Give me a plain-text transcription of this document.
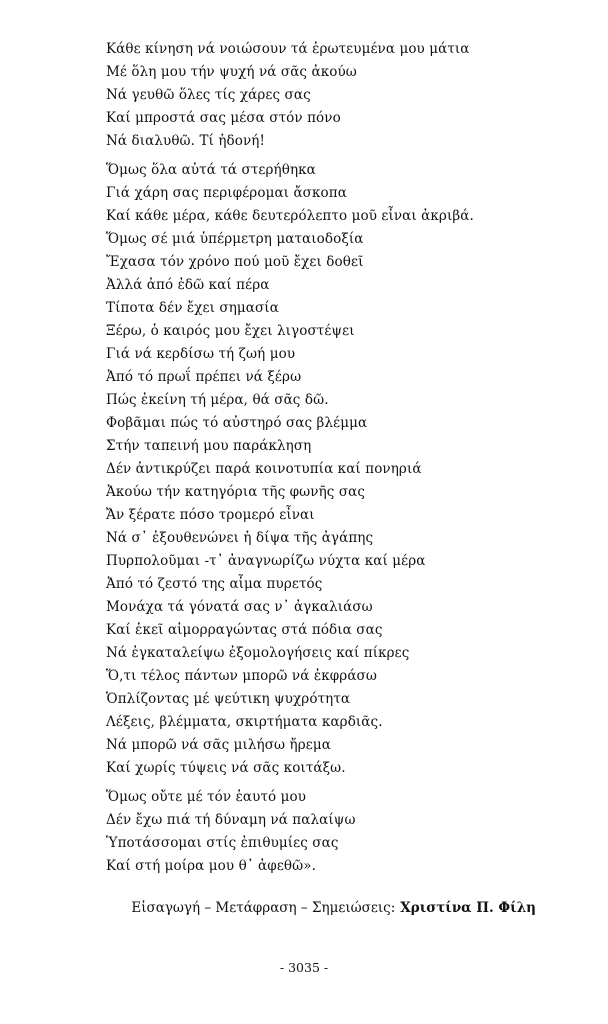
Κάθε κίνηση νά νοιώσουν τά ἐρωτευμένα μου μάτια
Μέ ὅλη μου τήν ψυχή νά σᾶς ἀκούω
Νά γευθῶ ὅλες τίς χάρες σας
Καί μπροστά σας μέσα στόν πόνο
Νά διαλυθῶ. Τί ἡδονή!
Ὅμως ὅλα αὐτά τά στερήθηκα
Γιά χάρη σας περιφέρομαι ἄσκοπα
Καί κάθε μέρα, κάθε δευτερόλεπτο μοῦ εἶναι ἀκριβά.
Ὅμως σέ μιά ὑπέρμετρη ματαιοδοξία
Ἔχασα τόν χρόνο πού μοῦ ἔχει δοθεῖ
Ἀλλά ἀπό ἐδῶ καί πέρα
Τίποτα δέν ἔχει σημασία
Ξέρω, ὁ καιρός μου ἔχει λιγοστέψει
Γιά νά κερδίσω τή ζωή μου
Ἀπό τό πρωΐ πρέπει νά ξέρω
Πώς ἐκείνη τή μέρα, θά σᾶς δῶ.
Φοβᾶμαι πώς τό αὐστηρό σας βλέμμα
Στήν ταπεινή μου παράκληση
Δέν ἀντικρύζει παρά κοινοτυπία καί πονηριά
Ἀκούω τήν κατηγόρια τῆς φωνῆς σας
Ἄν ξέρατε πόσο τρομερό εἶναι
Νά σ᾽ ἐξουθενώνει ἡ δίψα τῆς ἀγάπης
Πυρπολοῦμαι -τ᾽ ἀναγνωρίζω νύχτα καί μέρα
Ἀπό τό ζεστό της αἷμα πυρετός
Μονάχα τά γόνατά σας ν᾽ ἀγκαλιάσω
Καί ἐκεῖ αἱμορραγώντας στά πόδια σας
Νά ἐγκαταλείψω ἐξομολογήσεις καί πίκρες
Ὅ,τι τέλος πάντων μπορῶ νά ἐκφράσω
Ὁπλίζοντας μέ ψεύτικη ψυχρότητα
Λέξεις, βλέμματα, σκιρτήματα καρδιᾶς.
Νά μπορῶ νά σᾶς μιλήσω ἤρεμα
Καί χωρίς τύψεις νά σᾶς κοιτάξω.
Ὅμως οὔτε μέ τόν ἑαυτό μου
Δέν ἔχω πιά τή δύναμη νά παλαίψω
Ὑποτάσσομαι στίς ἐπιθυμίες σας
Καί στή μοίρα μου θ᾽ ἀφεθῶ».
Εἰσαγωγή – Μετάφραση – Σημειώσεις: Χριστίνα Π. Φίλη
- 3035 -
